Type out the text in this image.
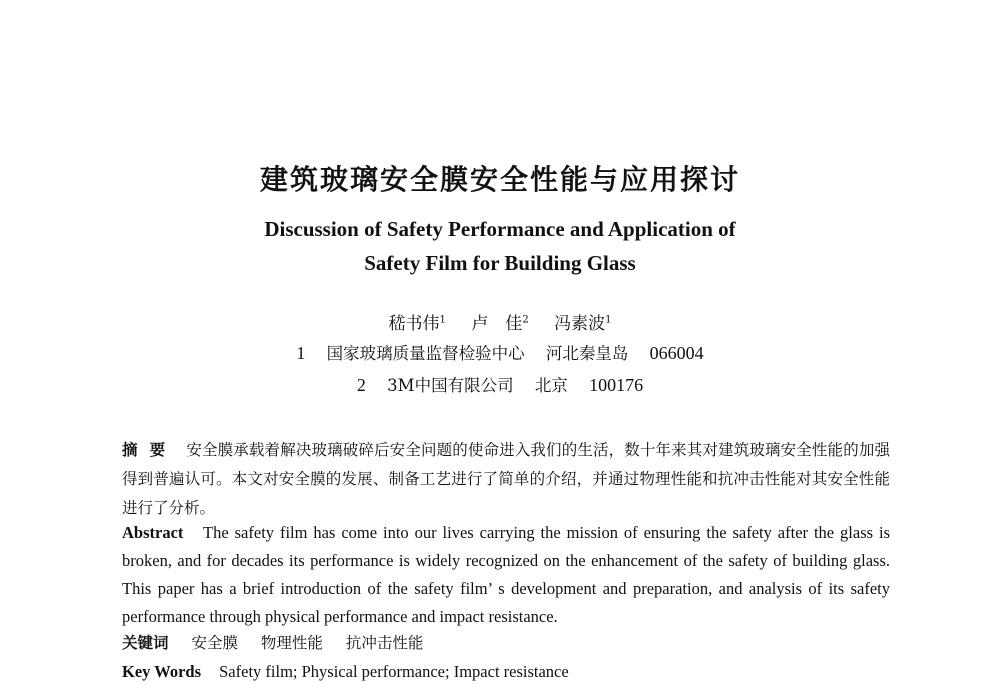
建筑玻璃安全膜安全性能与应用探讨
Discussion of Safety Performance and Application of
Safety Film for Building Glass
嵇书伟$^1$ 卢　佳$^2$ 冯素波$^1$
1 国家玻璃质量监督检验中心 河北秦皇岛 066004
2 3M中国有限公司 北京 100176
摘要 安全膜承载着解决玻璃破碎后安全问题的使命进入我们的生活，数十年来其对建筑玻璃安全性能的加强得到普遍认可。本文对安全膜的发展、制备工艺进行了简单的介绍，并通过物理性能和抗冲击性能对其安全性能进行了分析。
Abstract The safety film has come into our lives carrying the mission of ensuring the safety after the glass is broken, and for decades its performance is widely recognized on the enhancement of the safety of building glass. This paper has a brief introduction of the safety film’ s development and preparation, and analysis of its safety performance through physical performance and impact resistance.
关键词 安全膜 物理性能 抗冲击性能
Key Words Safety film; Physical performance; Impact resistance
